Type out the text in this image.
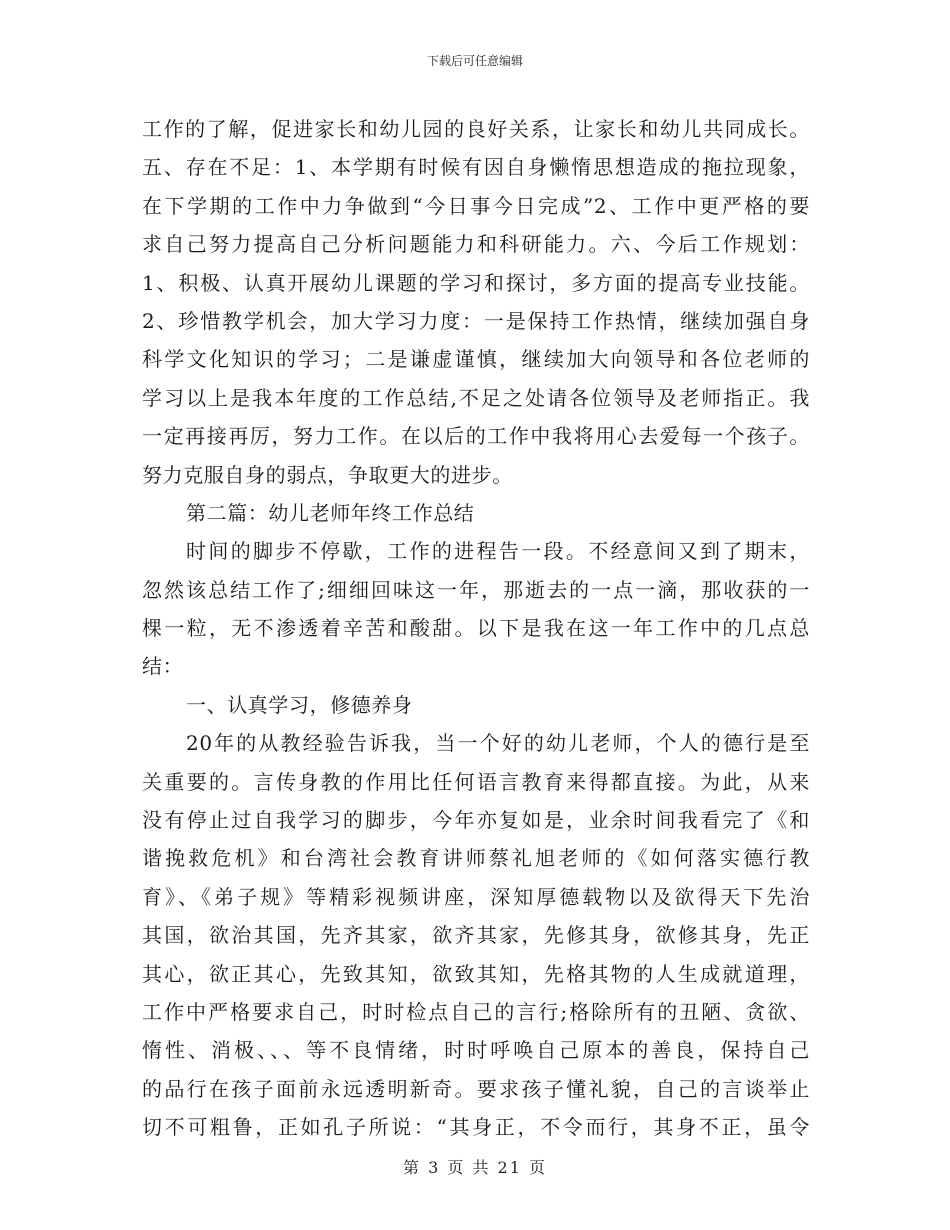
下载后可任意编辑
工作的了解，促进家长和幼儿园的良好关系，让家长和幼儿共同成长。
五、存在不足：1、本学期有时候有因自身懒惰思想造成的拖拉现象，
在下学期的工作中力争做到“今日事今日完成”2、工作中更严格的要
求自己努力提高自己分析问题能力和科研能力。六、今后工作规划：
1、积极、认真开展幼儿课题的学习和探讨，多方面的提高专业技能。
2、珍惜教学机会，加大学习力度：一是保持工作热情，继续加强自身
科学文化知识的学习；二是谦虚谨慎，继续加大向领导和各位老师的
学习以上是我本年度的工作总结,不足之处请各位领导及老师指正。我
一定再接再厉，努力工作。在以后的工作中我将用心去爱每一个孩子。
努力克服自身的弱点，争取更大的进步。
第二篇：幼儿老师年终工作总结
时间的脚步不停歇，工作的进程告一段。不经意间又到了期末，
忽然该总结工作了;细细回味这一年，那逝去的一点一滴，那收获的一
棵一粒，无不渗透着辛苦和酸甜。以下是我在这一年工作中的几点总
结：
一、认真学习，修德养身
20年的从教经验告诉我，当一个好的幼儿老师，个人的德行是至
关重要的。言传身教的作用比任何语言教育来得都直接。为此，从来
没有停止过自我学习的脚步，今年亦复如是，业余时间我看完了《和
谐挽救危机》和台湾社会教育讲师蔡礼旭老师的《如何落实德行教
育》、《弟子规》等精彩视频讲座，深知厚德载物以及欲得天下先治
其国，欲治其国，先齐其家，欲齐其家，先修其身，欲修其身，先正
其心，欲正其心，先致其知，欲致其知，先格其物的人生成就道理，
工作中严格要求自己，时时检点自己的言行;格除所有的丑陋、贪欲、
惰性、消极、、、等不良情绪，时时呼唤自己原本的善良，保持自己
的品行在孩子面前永远透明新奇。要求孩子懂礼貌，自己的言谈举止
切不可粗鲁，正如孔子所说：“其身正，不令而行，其身不正，虽令
第 3 页 共 21 页
